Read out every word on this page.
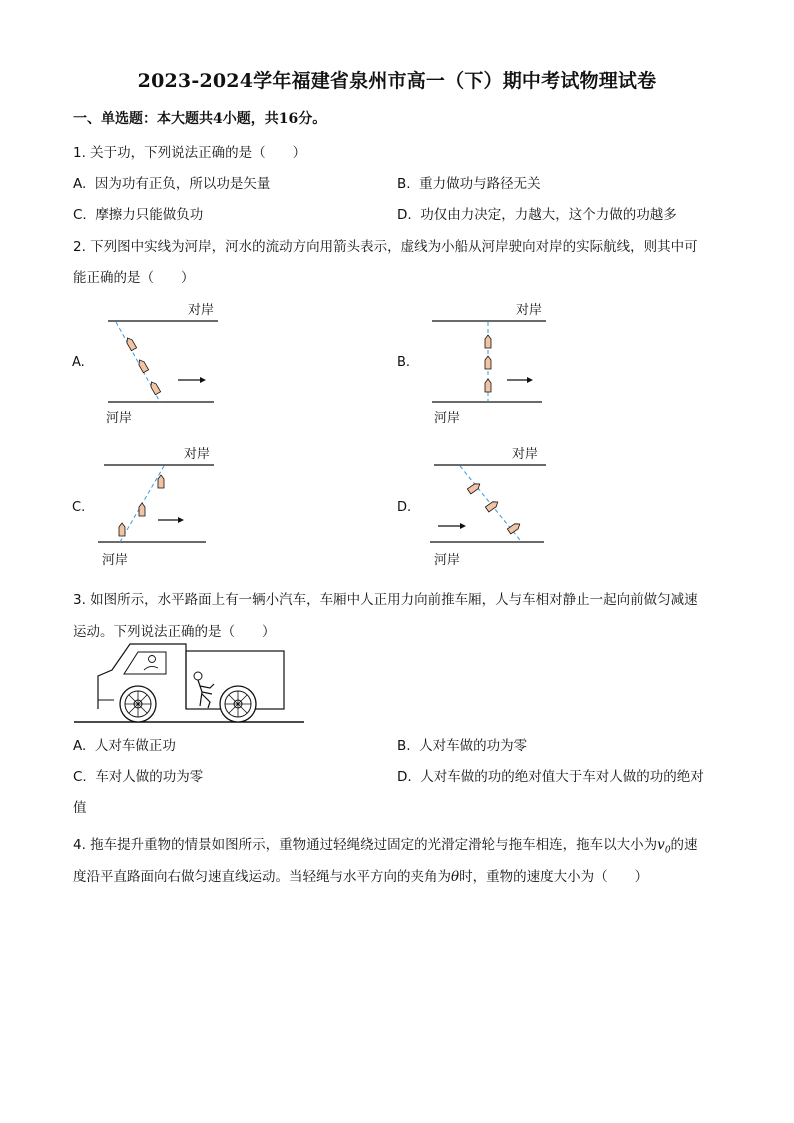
2023-2024学年福建省泉州市高一（下）期中考试物理试卷
一、单选题：本大题共4小题，共16分。
1. 关于功，下列说法正确的是（　　）
A. 因为功有正负，所以功是矢量	B. 重力做功与路径无关
C. 摩擦力只能做负功	D. 功仅由力决定，力越大，这个力做的功越多
2. 下列图中实线为河岸，河水的流动方向用箭头表示，虚线为小船从河岸驶向对岸的实际航线，则其中可
能正确的是（　　）
A.
对岸
河岸
B.
对岸
河岸
C.
对岸
河岸
D.
对岸
河岸
3. 如图所示，水平路面上有一辆小汽车，车厢中人正用力向前推车厢，人与车相对静止一起向前做匀减速
运动。下列说法正确的是（　　）
A. 人对车做正功	B. 人对车做的功为零
C. 车对人做的功为零	D. 人对车做的功的绝对值大于车对人做的功的绝对
值
4. 拖车提升重物的情景如图所示，重物通过轻绳绕过固定的光滑定滑轮与拖车相连，拖车以大小为$v_0$的速
度沿平直路面向右做匀速直线运动。当轻绳与水平方向的夹角为θ时，重物的速度大小为（　　）
